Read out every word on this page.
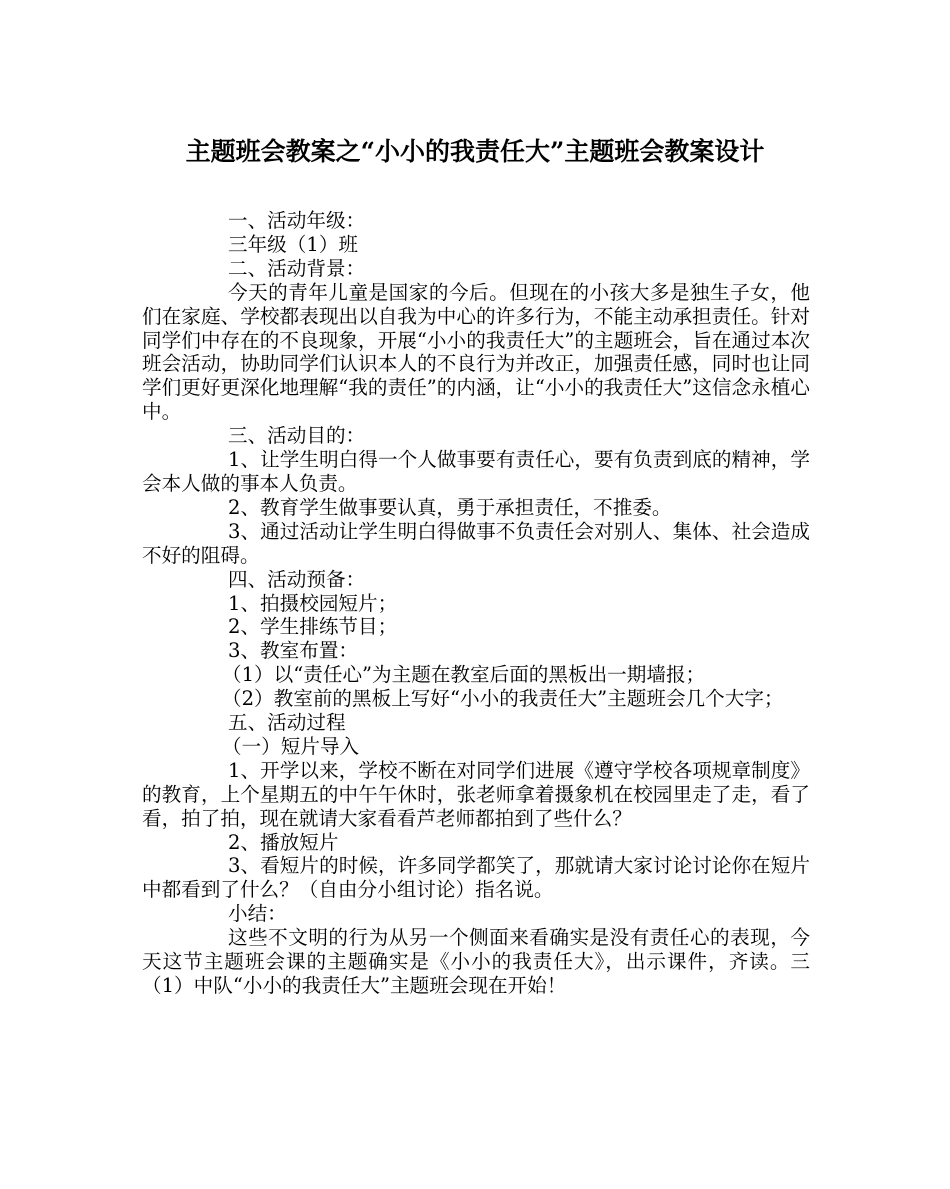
主题班会教案之“小小的我责任大”主题班会教案设计

一、活动年级：

三年级（1）班

二、活动背景：

今天的青年儿童是国家的今后。但现在的小孩大多是独生子女，他们在家庭、学校都表现出以自我为中心的许多行为，不能主动承担责任。针对同学们中存在的不良现象，开展“小小的我责任大”的主题班会，旨在通过本次班会活动，协助同学们认识本人的不良行为并改正，加强责任感，同时也让同学们更好更深化地理解“我的责任”的内涵，让“小小的我责任大”这信念永植心中。

三、活动目的：

1、让学生明白得一个人做事要有责任心，要有负责到底的精神，学会本人做的事本人负责。

2、教育学生做事要认真，勇于承担责任，不推委。

3、通过活动让学生明白得做事不负责任会对别人、集体、社会造成不好的阻碍。

四、活动预备：

1、拍摄校园短片；

2、学生排练节目；

3、教室布置：

（1）以“责任心”为主题在教室后面的黑板出一期墙报；

（2）教室前的黑板上写好“小小的我责任大”主题班会几个大字；

五、活动过程

（一）短片导入

1、开学以来，学校不断在对同学们进展《遵守学校各项规章制度》的教育，上个星期五的中午午休时，张老师拿着摄象机在校园里走了走，看了看，拍了拍，现在就请大家看看芦老师都拍到了些什么？

2、播放短片

3、看短片的时候，许多同学都笑了，那就请大家讨论讨论你在短片中都看到了什么？（自由分小组讨论）指名说。

小结：

这些不文明的行为从另一个侧面来看确实是没有责任心的表现，今天这节主题班会课的主题确实是《小小的我责任大》，出示课件，齐读。三（1）中队“小小的我责任大”主题班会现在开始！
